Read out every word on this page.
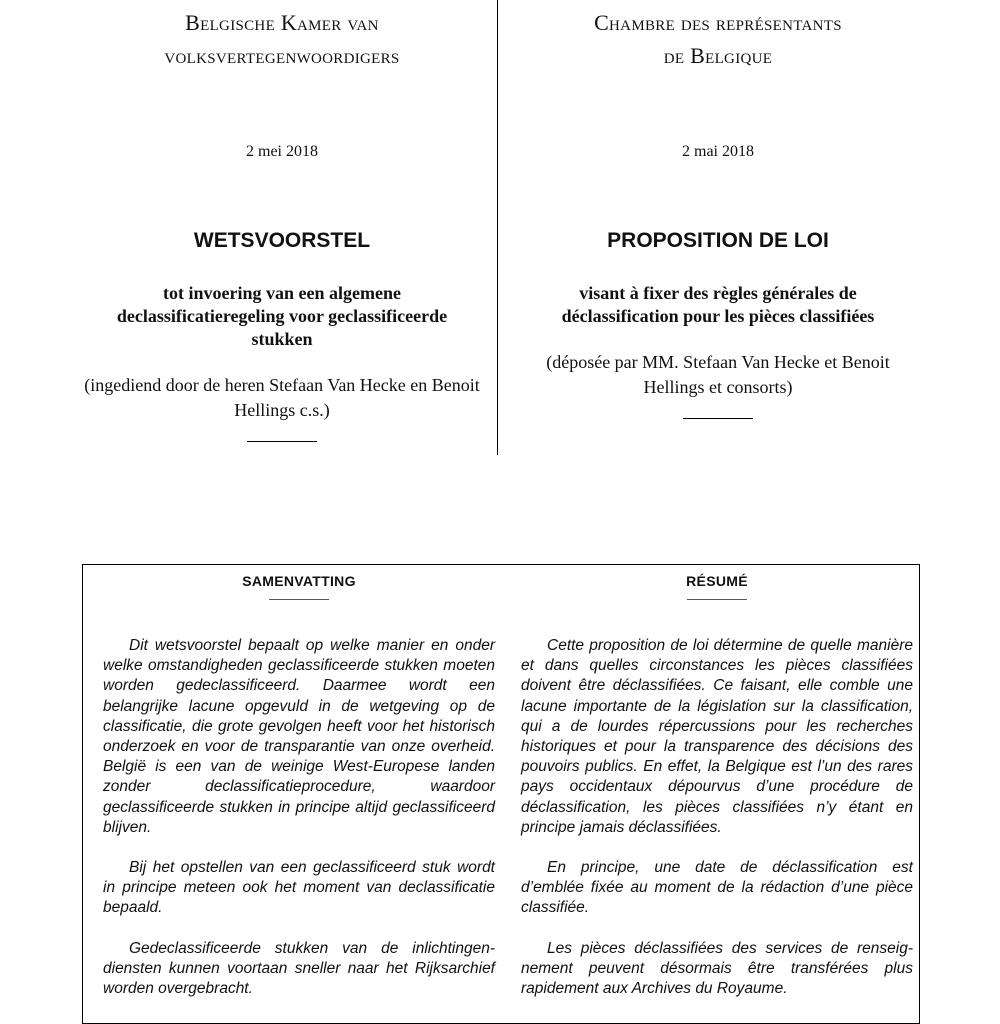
Belgische Kamer van
volksvertegenwoordigers
2 mei 2018
WETSVOORSTEL
tot invoering van een algemene declassificatieregeling voor geclassificeerde stukken
(ingediend door de heren Stefaan Van Hecke en Benoit Hellings c.s.)
Chambre des représentants
de Belgique
2 mai 2018
PROPOSITION DE LOI
visant à fixer des règles générales de déclassification pour les pièces classifiées
(déposée par MM. Stefaan Van Hecke et Benoit Hellings et consorts)
SAMENVATTING

Dit wetsvoorstel bepaalt op welke manier en onder welke omstandigheden geclassificeerde stukken moeten worden gedeclassificeerd. Daarmee wordt een belangrijke lacune opgevuld in de wetgeving op de classificatie, die grote gevolgen heeft voor het historisch onderzoek en voor de transparantie van onze overheid. België is een van de weinige West-Europese landen zonder declassificatieprocedure, waardoor geclassificeerde stukken in principe altijd geclassificeerd blijven.

Bij het opstellen van een geclassificeerd stuk wordt in principe meteen ook het moment van declassificatie bepaald.

Gedeclassificeerde stukken van de inlichtingen-diensten kunnen voortaan sneller naar het Rijksarchief worden overgebracht.

RÉSUMÉ

Cette proposition de loi détermine de quelle manière et dans quelles circonstances les pièces classifiées doivent être déclassifiées. Ce faisant, elle comble une lacune importante de la législation sur la classification, qui a de lourdes répercussions pour les recherches historiques et pour la transparence des décisions des pouvoirs publics. En effet, la Belgique est l’un des rares pays occidentaux dépourvus d’une procédure de déclassification, les pièces classifiées n’y étant en principe jamais déclassifiées.

En principe, une date de déclassification est d’emblée fixée au moment de la rédaction d’une pièce classifiée.

Les pièces déclassifiées des services de renseig-nement peuvent désormais être transférées plus rapidement aux Archives du Royaume.
